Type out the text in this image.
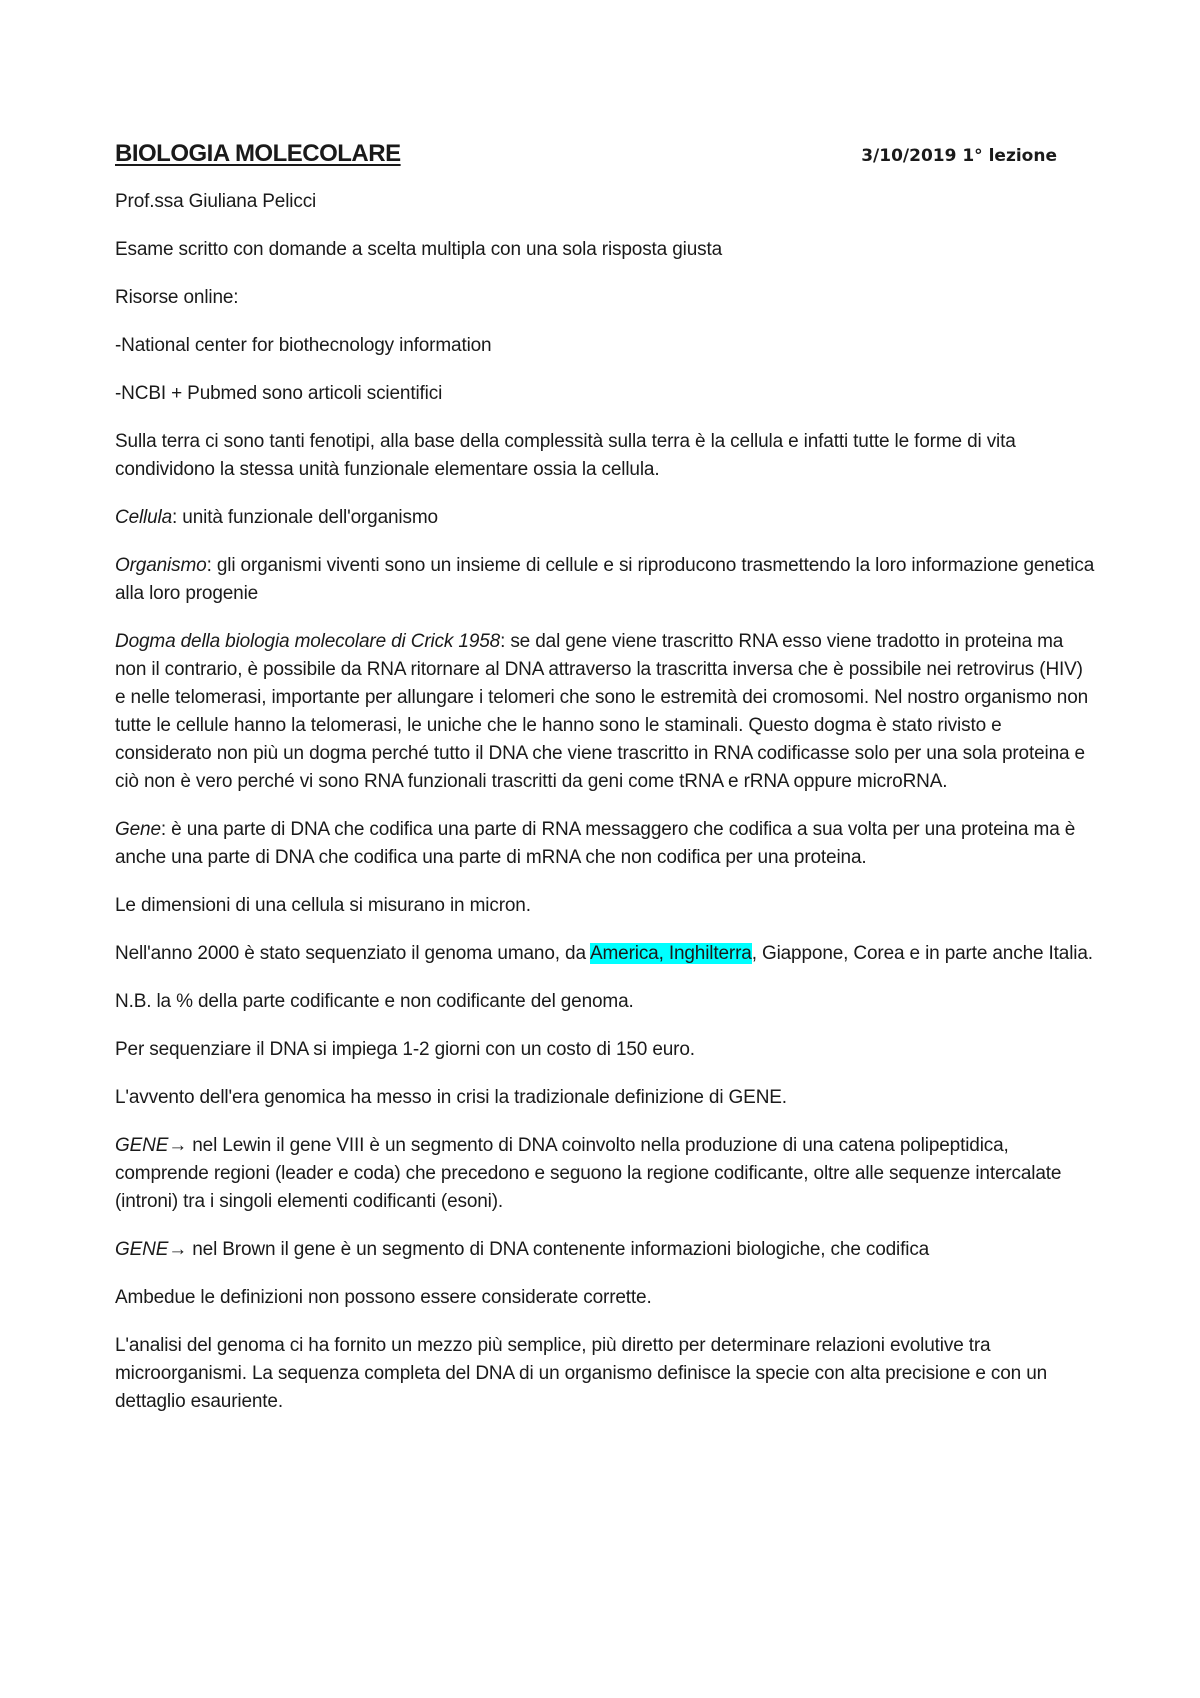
BIOLOGIA MOLECOLARE	3/10/2019 1° lezione

Prof.ssa Giuliana Pelicci

Esame scritto con domande a scelta multipla con una sola risposta giusta

Risorse online:

-National center for biothecnology information

-NCBI + Pubmed sono articoli scientifici

Sulla terra ci sono tanti fenotipi, alla base della complessità sulla terra è la cellula e infatti tutte le forme di vita condividono la stessa unità funzionale elementare ossia la cellula.

Cellula: unità funzionale dell'organismo

Organismo: gli organismi viventi sono un insieme di cellule e si riproducono trasmettendo la loro informazione genetica alla loro progenie

Dogma della biologia molecolare di Crick 1958: se dal gene viene trascritto RNA esso viene tradotto in proteina ma non il contrario, è possibile da RNA ritornare al DNA attraverso la trascritta inversa che è possibile nei retrovirus (HIV) e nelle telomerasi, importante per allungare i telomeri che sono le estremità dei cromosomi. Nel nostro organismo non tutte le cellule hanno la telomerasi, le uniche che le hanno sono le staminali. Questo dogma è stato rivisto e considerato non più un dogma perché tutto il DNA che viene trascritto in RNA codificasse solo per una sola proteina e ciò non è vero perché vi sono RNA funzionali trascritti da geni come tRNA e rRNA oppure microRNA.

Gene: è una parte di DNA che codifica una parte di RNA messaggero che codifica a sua volta per una proteina ma è anche una parte di DNA che codifica una parte di mRNA che non codifica per una proteina.

Le dimensioni di una cellula si misurano in micron.

Nell'anno 2000 è stato sequenziato il genoma umano, da America, Inghilterra, Giappone, Corea e in parte anche Italia.

N.B. la % della parte codificante e non codificante del genoma.

Per sequenziare il DNA si impiega 1-2 giorni con un costo di 150 euro.

L'avvento dell'era genomica ha messo in crisi la tradizionale definizione di GENE.

GENE→ nel Lewin il gene VIII è un segmento di DNA coinvolto nella produzione di una catena polipeptidica, comprende regioni (leader e coda) che precedono e seguono la regione codificante, oltre alle sequenze intercalate (introni) tra i singoli elementi codificanti (esoni).

GENE→ nel Brown il gene è un segmento di DNA contenente informazioni biologiche, che codifica

Ambedue le definizioni non possono essere considerate corrette.

L'analisi del genoma ci ha fornito un mezzo più semplice, più diretto per determinare relazioni evolutive tra microorganismi. La sequenza completa del DNA di un organismo definisce la specie con alta precisione e con un dettaglio esauriente.
